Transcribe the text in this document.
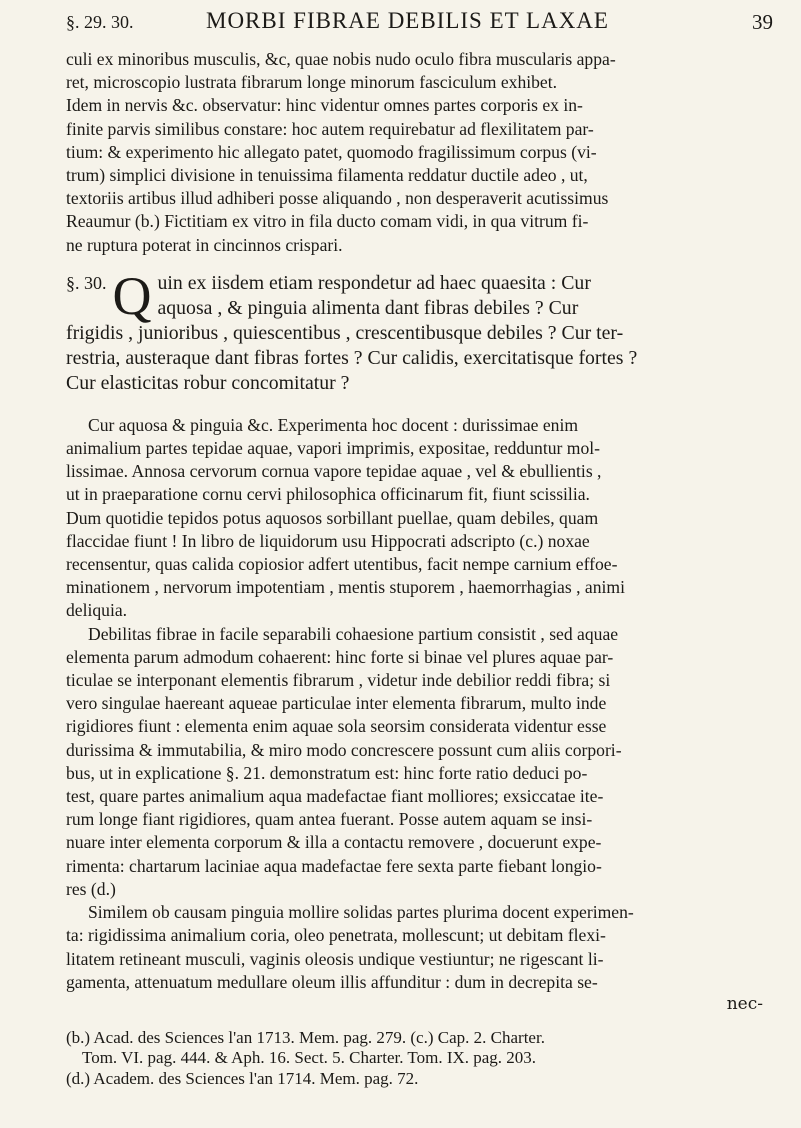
§. 29. 30.	MORBI FIBRAE DEBILIS ET LAXAE	39

culi ex minoribus musculis, &c, quae nobis nudo oculo fibra muscularis appa-

ret, microscopio lustrata fibrarum longe minorum fasciculum exhibet.

Idem in nervis &c. observatur: hinc videntur omnes partes corporis ex in-

finite parvis similibus constare: hoc autem requirebatur ad flexilitatem par-

tium: & experimento hic allegato patet, quomodo fragilissimum corpus (vi-

trum) simplici divisione in tenuissima filamenta reddatur ductile adeo , ut,

textoriis artibus illud adhiberi posse aliquando , non desperaverit acutissimus

Reaumur (b.) Fictitiam ex vitro in fila ducto comam vidi, in qua vitrum fi-

ne ruptura poterat in cincinnos crispari.

§. 30. Q uin ex iisdem etiam respondetur ad haec quaesita : Cur
aquosa , & pinguia alimenta dant fibras debiles ? Cur
frigidis , junioribus , quiescentibus , crescentibusque debiles ? Cur ter-
restria, austeraque dant fibras fortes ? Cur calidis, exercitatisque fortes ?
Cur elasticitas robur concomitatur ?

Cur aquosa & pinguia &c. Experimenta hoc docent : durissimae enim

animalium partes tepidae aquae, vapori imprimis, expositae, redduntur mol-

lissimae. Annosa cervorum cornua vapore tepidae aquae , vel & ebullientis ,

ut in praeparatione cornu cervi philosophica officinarum fit, fiunt scissilia.

Dum quotidie tepidos potus aquosos sorbillant puellae, quam debiles, quam

flaccidae fiunt ! In libro de liquidorum usu Hippocrati adscripto (c.) noxae

recensentur, quas calida copiosior adfert utentibus, facit nempe carnium effoe-

minationem , nervorum impotentiam , mentis stuporem , haemorrhagias , animi

deliquia.

Debilitas fibrae in facile separabili cohaesione partium consistit , sed aquae

elementa parum admodum cohaerent: hinc forte si binae vel plures aquae par-

ticulae se interponant elementis fibrarum , videtur inde debilior reddi fibra; si

vero singulae haereant aqueae particulae inter elementa fibrarum, multo inde

rigidiores fiunt : elementa enim aquae sola seorsim considerata videntur esse

durissima & immutabilia, & miro modo concrescere possunt cum aliis corpori-

bus, ut in explicatione §. 21. demonstratum est: hinc forte ratio deduci po-

test, quare partes animalium aqua madefactae fiant molliores; exsiccatae ite-

rum longe fiant rigidiores, quam antea fuerant. Posse autem aquam se insi-

nuare inter elementa corporum & illa a contactu removere , docuerunt expe-

rimenta: chartarum laciniae aqua madefactae fere sexta parte fiebant longio-

res (d.)

Similem ob causam pinguia mollire solidas partes plurima docent experimen-

ta: rigidissima animalium coria, oleo penetrata, mollescunt; ut debitam flexi-

litatem retineant musculi, vaginis oleosis undique vestiuntur; ne rigescant li-

gamenta, attenuatum medullare oleum illis affunditur : dum in decrepita se-

nec-

(b.) Acad. des Sciences l'an 1713. Mem. pag. 279. (c.) Cap. 2. Charter.

Tom. VI. pag. 444. & Aph. 16. Sect. 5. Charter. Tom. IX. pag. 203.

(d.) Academ. des Sciences l'an 1714. Mem. pag. 72.
